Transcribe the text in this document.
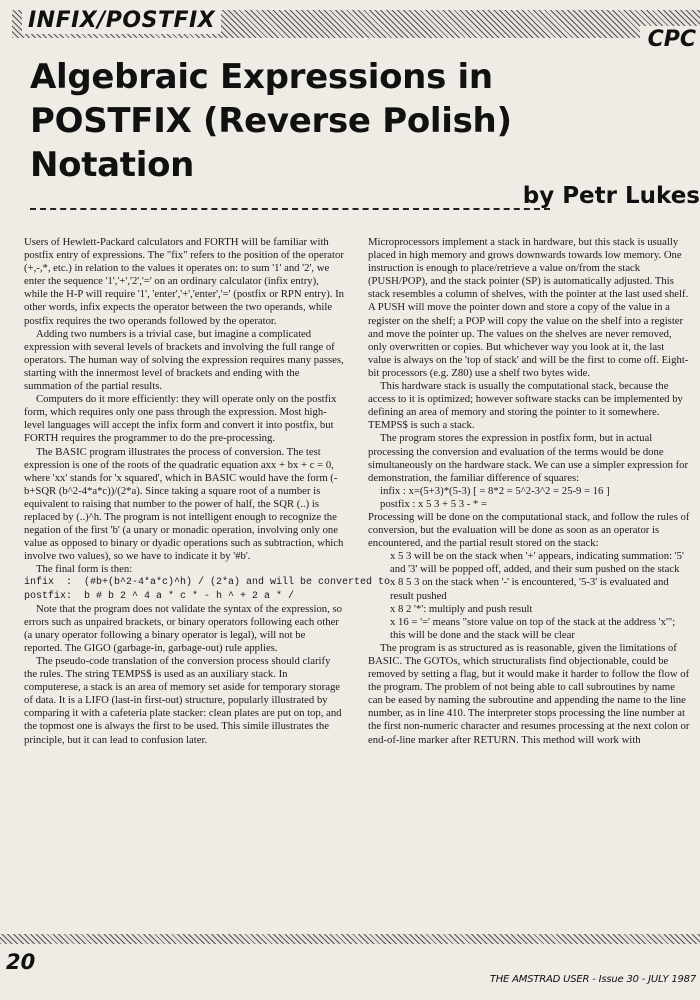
INFIX/POSTFIX
CPC
Algebraic Expressions in POSTFIX (Reverse Polish) Notation
by Petr Lukes

Users of Hewlett-Packard calculators and FORTH will be familiar with postfix entry of expressions. The "fix" refers to the position of the operator (+,-,*, etc.) in relation to the values it operates on: to sum '1' and '2', we enter the sequence '1','+','2','=' on an ordinary calculator (infix entry), while the H-P will require '1', 'enter','+','enter','=' (postfix or RPN entry). In other words, infix expects the operator between the two operands, while postfix requires the two operands followed by the operator.

Adding two numbers is a trivial case, but imagine a complicated expression with several levels of brackets and involving the full range of operators. The human way of solving the expression requires many passes, starting with the innermost level of brackets and ending with the summation of the partial results.

Computers do it more efficiently: they will operate only on the postfix form, which requires only one pass through the expression. Most high-level languages will accept the infix form and convert it into postfix, but FORTH requires the programmer to do the pre-processing.

The BASIC program illustrates the process of conversion. The test expression is one of the roots of the quadratic equation axx + bx + c = 0, where 'xx' stands for 'x squared', which in BASIC would have the form (-b+SQR (b^2-4*a*c))/(2*a). Since taking a square root of a number is equivalent to raising that number to the power of half, the SQR (..) is replaced by (..)^h. The program is not intelligent enough to recognize the negation of the first 'b' (a unary or monadic operation, involving only one value as opposed to binary or dyadic operations such as subtraction, which involve two values), so we have to indicate it by '#b'.

The final form is then:

infix  :  (#b+(b^2-4*a*c)^h) / (2*a) and will be converted to

postfix:  b # b 2 ^ 4 a * c * - h ^ + 2 a * /

Note that the program does not validate the syntax of the expression, so errors such as unpaired brackets, or binary operators following each other (a unary operator following a binary operator is legal), will not be reported. The GIGO (garbage-in, garbage-out) rule applies.

The pseudo-code translation of the conversion process should clarify the rules. The string TEMPS$ is used as an auxiliary stack. In computerese, a stack is an area of memory set aside for temporary storage of data. It is a LIFO (last-in first-out) structure, popularly illustrated by comparing it with a cafeteria plate stacker: clean plates are put on top, and the topmost one is always the first to be used. This simile illustrates the principle, but it can lead to confusion later.

Microprocessors implement a stack in hardware, but this stack is usually placed in high memory and grows downwards towards low memory. One instruction is enough to place/retrieve a value on/from the stack (PUSH/POP), and the stack pointer (SP) is automatically adjusted. This stack resembles a column of shelves, with the pointer at the last used shelf. A PUSH will move the pointer down and store a copy of the value in a register on the shelf; a POP will copy the value on the shelf into a register and move the pointer up. The values on the shelves are never removed, only overwritten or copies. But whichever way you look at it, the last value is always on the 'top of stack' and will be the first to come off. Eight-bit processors (e.g. Z80) use a shelf two bytes wide.

This hardware stack is usually the computational stack, because the access to it is optimized; however software stacks can be implemented by defining an area of memory and storing the pointer to it somewhere. TEMPS$ is such a stack.

The program stores the expression in postfix form, but in actual processing the conversion and evaluation of the terms would be done simultaneously on the hardware stack. We can use a simpler expression for demonstration, the familiar difference of squares:

infix : x=(5+3)*(5-3) [ = 8*2 = 5^2-3^2 = 25-9 = 16 ]

postfix : x 5 3 + 5 3 - * =

Processing will be done on the computational stack, and follow the rules of conversion, but the evaluation will be done as soon as an operator is encountered, and the partial result stored on the stack:

x 5 3 will be on the stack when '+' appears, indicating summation: '5' and '3' will be popped off, added, and their sum pushed on the stack

x 8 5 3 on the stack when '-' is encountered, '5-3' is evaluated and result pushed

x 8 2 '*': multiply and push result

x 16 = '=' means "store value on top of the stack at the address 'x'"; this will be done and the stack will be clear

The program is as structured as is reasonable, given the limitations of BASIC. The GOTOs, which structuralists find objectionable, could be removed by setting a flag, but it would make it harder to follow the flow of the program. The problem of not being able to call subroutines by name can be eased by naming the subroutine and appending the name to the line number, as in line 410. The interpreter stops processing the line number at the first non-numeric character and resumes processing at the next colon or end-of-line marker after RETURN. This method will work with

20
THE AMSTRAD USER - Issue 30 - JULY 1987
